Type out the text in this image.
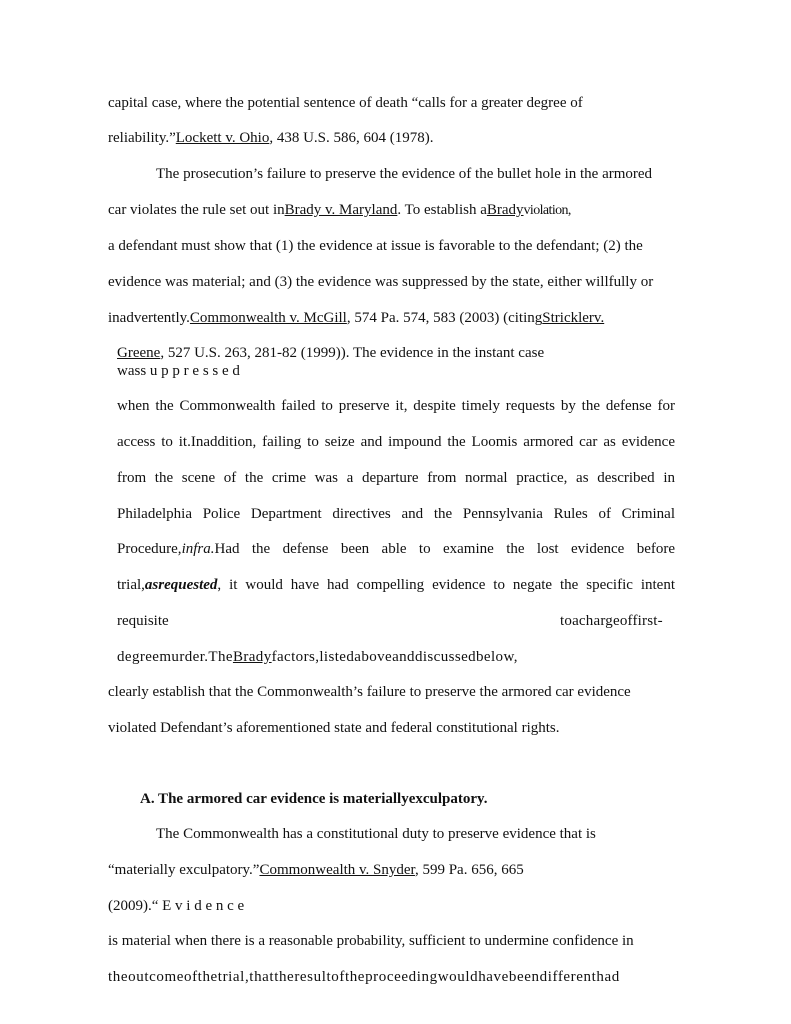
capital case, where the potential sentence of death “calls for a greater degree of
reliability.”Lockett v. Ohio, 438 U.S. 586, 604 (1978).
The prosecution’s failure to preserve the evidence of the bullet hole in the armored
car violates the rule set out inBrady v. Maryland. To establish aBradyviolation,
a defendant must show that (1) the evidence at issue is favorable to the defendant; (2) the
evidence was material; and (3) the evidence was suppressed by the state, either willfully or
inadvertently.Commonwealth v. McGill, 574 Pa. 574, 583 (2003) (citingStricklerv.
Greene, 527 U.S. 263, 281-82 (1999)). The evidence in the instant case
wass u p p r e s s e d
when the Commonwealth failed to preserve it, despite timely requests by the defense for
access to it.Inaddition, failing to seize and impound the Loomis armored car as evidence
from the scene of the crime was a departure from normal practice, as described in
Philadelphia Police Department directives and the Pennsylvania Rules of Criminal
Procedure,infra.Had the defense been able to examine the lost evidence before
trial,asrequested, it would have had compelling evidence to negate the specific intent
requisite	toachargeoffirst-
degreemurder.TheBradyfactors,listedaboveanddiscussedbelow,
clearly establish that the Commonwealth’s failure to preserve the armored car evidence
violated Defendant’s aforementioned state and federal constitutional rights.
A. The armored car evidence is materiallyexculpatory.
The Commonwealth has a constitutional duty to preserve evidence that is
“materially exculpatory.”Commonwealth v. Snyder, 599 Pa. 656, 665
(2009).“ E v i d e n c e
is material when there is a reasonable probability, sufficient to undermine confidence in
theoutcomeofthetrial,thattheresultoftheproceedingwouldhavebeendifferenthad
